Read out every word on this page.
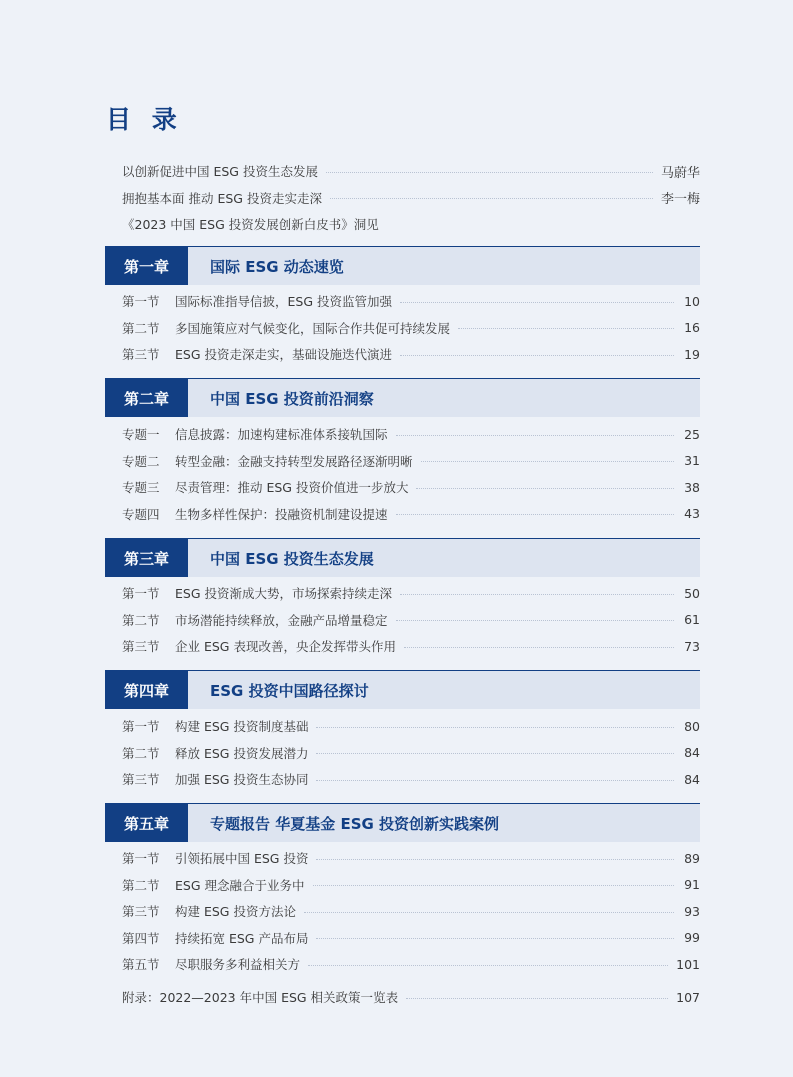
目 录
以创新促进中国 ESG 投资生态发展	马蔚华
拥抱基本面 推动 ESG 投资走实走深	李一梅
《2023 中国 ESG 投资发展创新白皮书》洞见
第一章	国际 ESG 动态速览
第一节	国际标准指导信披，ESG 投资监管加强	10
第二节	多国施策应对气候变化，国际合作共促可持续发展	16
第三节	ESG 投资走深走实，基础设施迭代演进	19
第二章	中国 ESG 投资前沿洞察
专题一	信息披露：加速构建标准体系接轨国际	25
专题二	转型金融：金融支持转型发展路径逐渐明晰	31
专题三	尽责管理：推动 ESG 投资价值进一步放大	38
专题四	生物多样性保护：投融资机制建设提速	43
第三章	中国 ESG 投资生态发展
第一节	ESG 投资渐成大势，市场探索持续走深	50
第二节	市场潜能持续释放，金融产品增量稳定	61
第三节	企业 ESG 表现改善，央企发挥带头作用	73
第四章	ESG 投资中国路径探讨
第一节	构建 ESG 投资制度基础	80
第二节	释放 ESG 投资发展潜力	84
第三节	加强 ESG 投资生态协同	84
第五章	专题报告 华夏基金 ESG 投资创新实践案例
第一节	引领拓展中国 ESG 投资	89
第二节	ESG 理念融合于业务中	91
第三节	构建 ESG 投资方法论	93
第四节	持续拓宽 ESG 产品布局	99
第五节	尽职服务多利益相关方	101
附录：2022—2023 年中国 ESG 相关政策一览表	107
